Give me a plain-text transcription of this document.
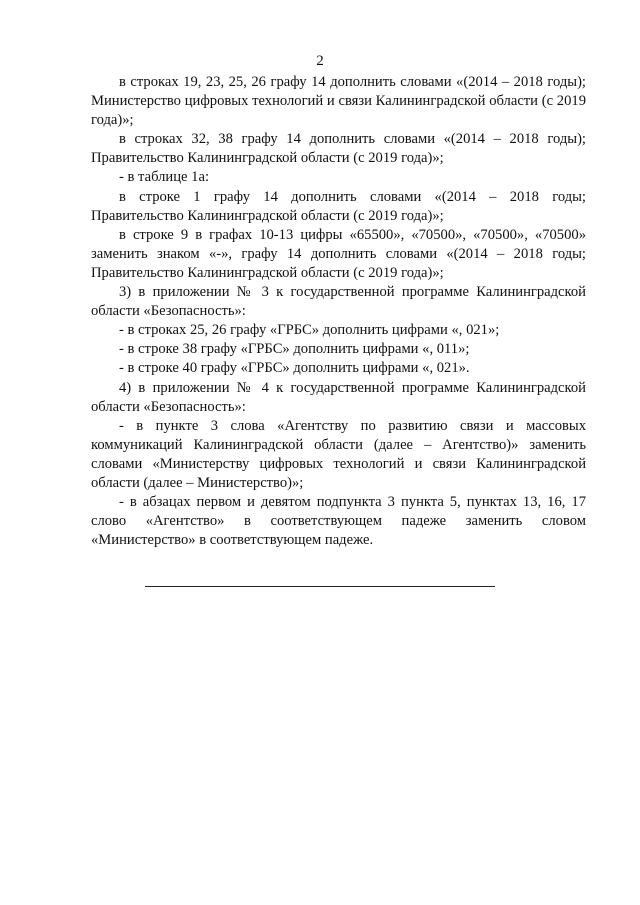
2

в строках 19, 23, 25, 26 графу 14 дополнить словами «(2014 – 2018 годы); Министерство цифровых технологий и связи Калининградской области (с 2019 года)»;

в строках 32, 38 графу 14 дополнить словами «(2014 – 2018 годы); Правительство Калининградской области (с 2019 года)»;

- в таблице 1а:

в строке 1 графу 14 дополнить словами «(2014 – 2018 годы; Правительство Калининградской области (с 2019 года)»;

в строке 9 в графах 10-13 цифры «65500», «70500», «70500», «70500» заменить знаком «-», графу 14 дополнить словами «(2014 – 2018 годы; Правительство Калининградской области (с 2019 года)»;

3) в приложении № 3 к государственной программе Калининградской области «Безопасность»:

- в строках 25, 26 графу «ГРБС» дополнить цифрами «, 021»;

- в строке 38 графу «ГРБС» дополнить цифрами «, 011»;

- в строке 40 графу «ГРБС» дополнить цифрами «, 021».

4) в приложении № 4 к государственной программе Калининградской области «Безопасность»:

- в пункте 3 слова «Агентству по развитию связи и массовых коммуникаций Калининградской области (далее – Агентство)» заменить словами «Министерству цифровых технологий и связи Калининградской области (далее – Министерство)»;

- в абзацах первом и девятом подпункта 3 пункта 5, пунктах 13, 16, 17 слово «Агентство» в соответствующем падеже заменить словом «Министерство» в соответствующем падеже.
